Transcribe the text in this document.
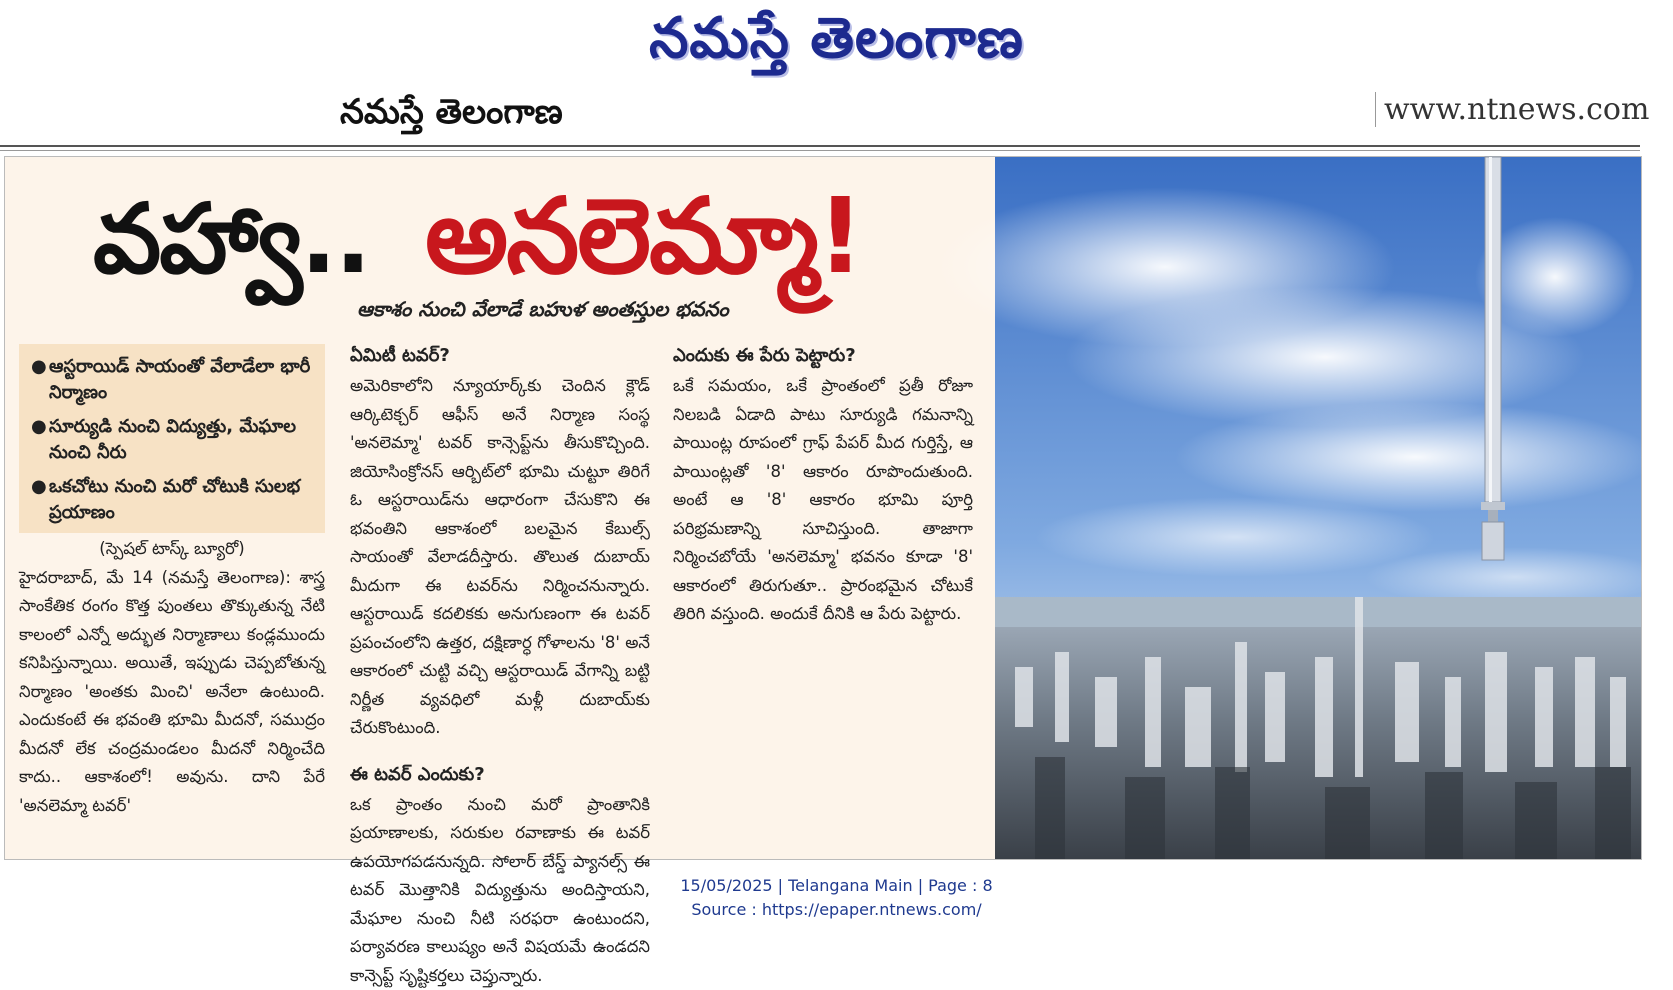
నమస్తే తెలంగాణ
నమస్తే తెలంగాణ	www.ntnews.com
వహ్వా.. అనలెమ్మా!
ఆకాశం నుంచి వేలాడే బహుళ అంతస్తుల భవనం
● ఆస్టరాయిడ్ సాయంతో వేలాడేలా భారీ నిర్మాణం
● సూర్యుడి నుంచి విద్యుత్తు, మేఘాల నుంచి నీరు
● ఒకచోటు నుంచి మరో చోటుకి సులభ ప్రయాణం

(స్పెషల్ టాస్క్ బ్యూరో)

హైదరాబాద్, మే 14 (నమస్తే తెలంగాణ): శాస్త్ర సాంకేతిక రంగం కొత్త పుంతలు తొక్కుతున్న నేటి కాలంలో ఎన్నో అద్భుత నిర్మాణాలు కండ్లముందు కనిపిస్తున్నాయి. అయితే, ఇప్పుడు చెప్పబోతున్న నిర్మాణం 'అంతకు మించి' అనేలా ఉంటుంది. ఎందుకంటే ఈ భవంతి భూమి మీదనో, సముద్రం మీదనో లేక చంద్రమండలం మీదనో నిర్మించేది కాదు.. ఆకాశంలో! అవును. దాని పేరే 'అనలెమ్మా టవర్'

ఏమిటీ టవర్?

అమెరికాలోని న్యూయార్క్‌కు చెందిన క్లౌడ్ ఆర్కిటెక్చర్ ఆఫీస్ అనే నిర్మాణ సంస్థ 'అనలెమ్మా' టవర్ కాన్సెప్ట్‌ను తీసుకొచ్చింది. జియోసింక్రోనస్ ఆర్బిట్‌లో భూమి చుట్టూ తిరిగే ఓ ఆస్టరాయిడ్‌ను ఆధారంగా చేసుకొని ఈ భవంతిని ఆకాశంలో బలమైన కేబుల్స్ సాయంతో వేలాడదీస్తారు. తొలుత దుబాయ్ మీదుగా ఈ టవర్‌ను నిర్మించనున్నారు. ఆస్టరాయిడ్ కదలికకు అనుగుణంగా ఈ టవర్ ప్రపంచంలోని ఉత్తర, దక్షిణార్ధ గోళాలను '8' అనే ఆకారంలో చుట్టి వచ్చి ఆస్టరాయిడ్ వేగాన్ని బట్టి నిర్ణీత వ్యవధిలో మళ్లీ దుబాయ్‌కు చేరుకొంటుంది.

ఈ టవర్ ఎందుకు?

ఒక ప్రాంతం నుంచి మరో ప్రాంతానికి ప్రయాణాలకు, సరుకుల రవాణాకు ఈ టవర్ ఉపయోగపడనున్నది. సోలార్ బేస్డ్ ప్యానల్స్ ఈ టవర్ మొత్తానికి విద్యుత్తును అందిస్తాయని, మేఘాల నుంచి నీటి సరఫరా ఉంటుందని, పర్యావరణ కాలుష్యం అనే విషయమే ఉండదని కాన్సెప్ట్ సృష్టికర్తలు చెప్తున్నారు.

ఎందుకు ఈ పేరు పెట్టారు?

ఒకే సమయం, ఒకే ప్రాంతంలో ప్రతీ రోజూ నిలబడి ఏడాది పాటు సూర్యుడి గమనాన్ని పాయింట్ల రూపంలో గ్రాఫ్ పేపర్ మీద గుర్తిస్తే, ఆ పాయింట్లతో '8' ఆకారం రూపొందుతుంది. అంటే ఆ '8' ఆకారం భూమి పూర్తి పరిభ్రమణాన్ని సూచిస్తుంది. తాజాగా నిర్మించబోయే 'అనలెమ్మా' భవనం కూడా '8' ఆకారంలో తిరుగుతూ.. ప్రారంభమైన చోటుకే తిరిగి వస్తుంది. అందుకే దీనికి ఆ పేరు పెట్టారు.

15/05/2025 | Telangana Main | Page : 8
Source : https://epaper.ntnews.com/
